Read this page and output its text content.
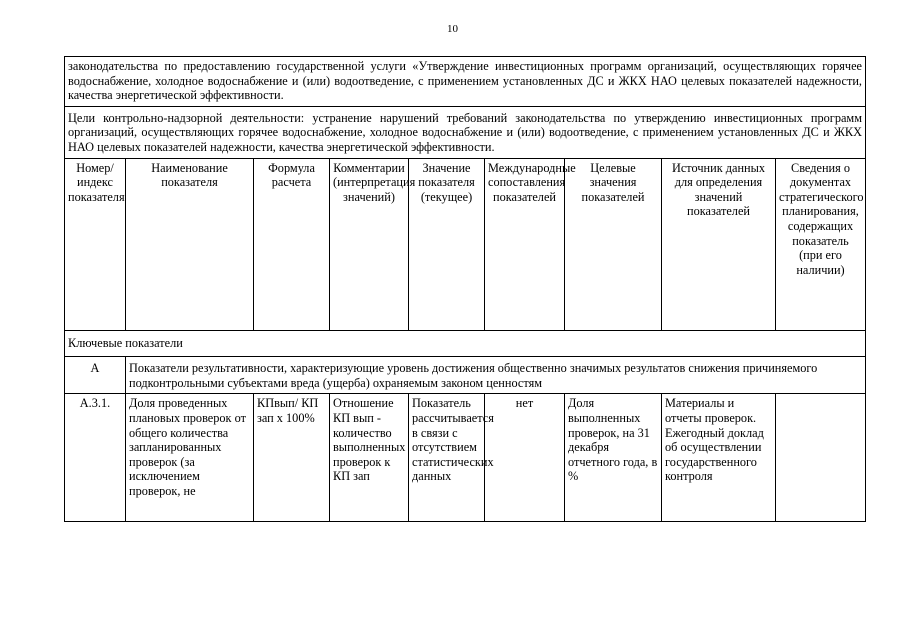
10
законодательства по предоставлению государственной услуги «Утверждение инвестиционных программ организаций, осуществляющих горячее водоснабжение, холодное водоснабжение и (или) водоотведение, с применением установленных ДС и ЖКХ НАО целевых показателей надежности, качества энергетической эффективности.								
Цели контрольно-надзорной деятельности: устранение нарушений требований законодательства по утверждению инвестиционных программ организаций, осуществляющих горячее водоснабжение, холодное водоснабжение и (или) водоотведение, с применением установленных ДС и ЖКХ НАО целевых показателей надежности, качества энергетической эффективности.								
Номер/индекс показателя	Наименование показателя	Формула расчета	Комментарии (интерпретация значений)	Значение показателя (текущее)	Международные сопоставления показателей	Целевые значения показателей	Источник данных для определения значений показателей	Сведения о документах стратегического планирования, содержащих показатель (при его наличии)
Ключевые показатели								
А	Показатели результативности, характеризующие уровень достижения общественно значимых результатов снижения причиняемого подконтрольными субъектами вреда (ущерба) охраняемым законом ценностям							
А.3.1.	Доля проведенных плановых проверок от общего количества запланированных проверок (за исключением проверок, не	КПвып/ КП зап х 100%	Отношение КП вып - количество выполненных проверок к КП зап	Показатель рассчитывается в связи с отсутствием статистических данных	нет	Доля выполненных проверок, на 31 декабря отчетного года, в %	Материалы и отчеты проверок. Ежегодный доклад об осуществлении государственного контроля	
